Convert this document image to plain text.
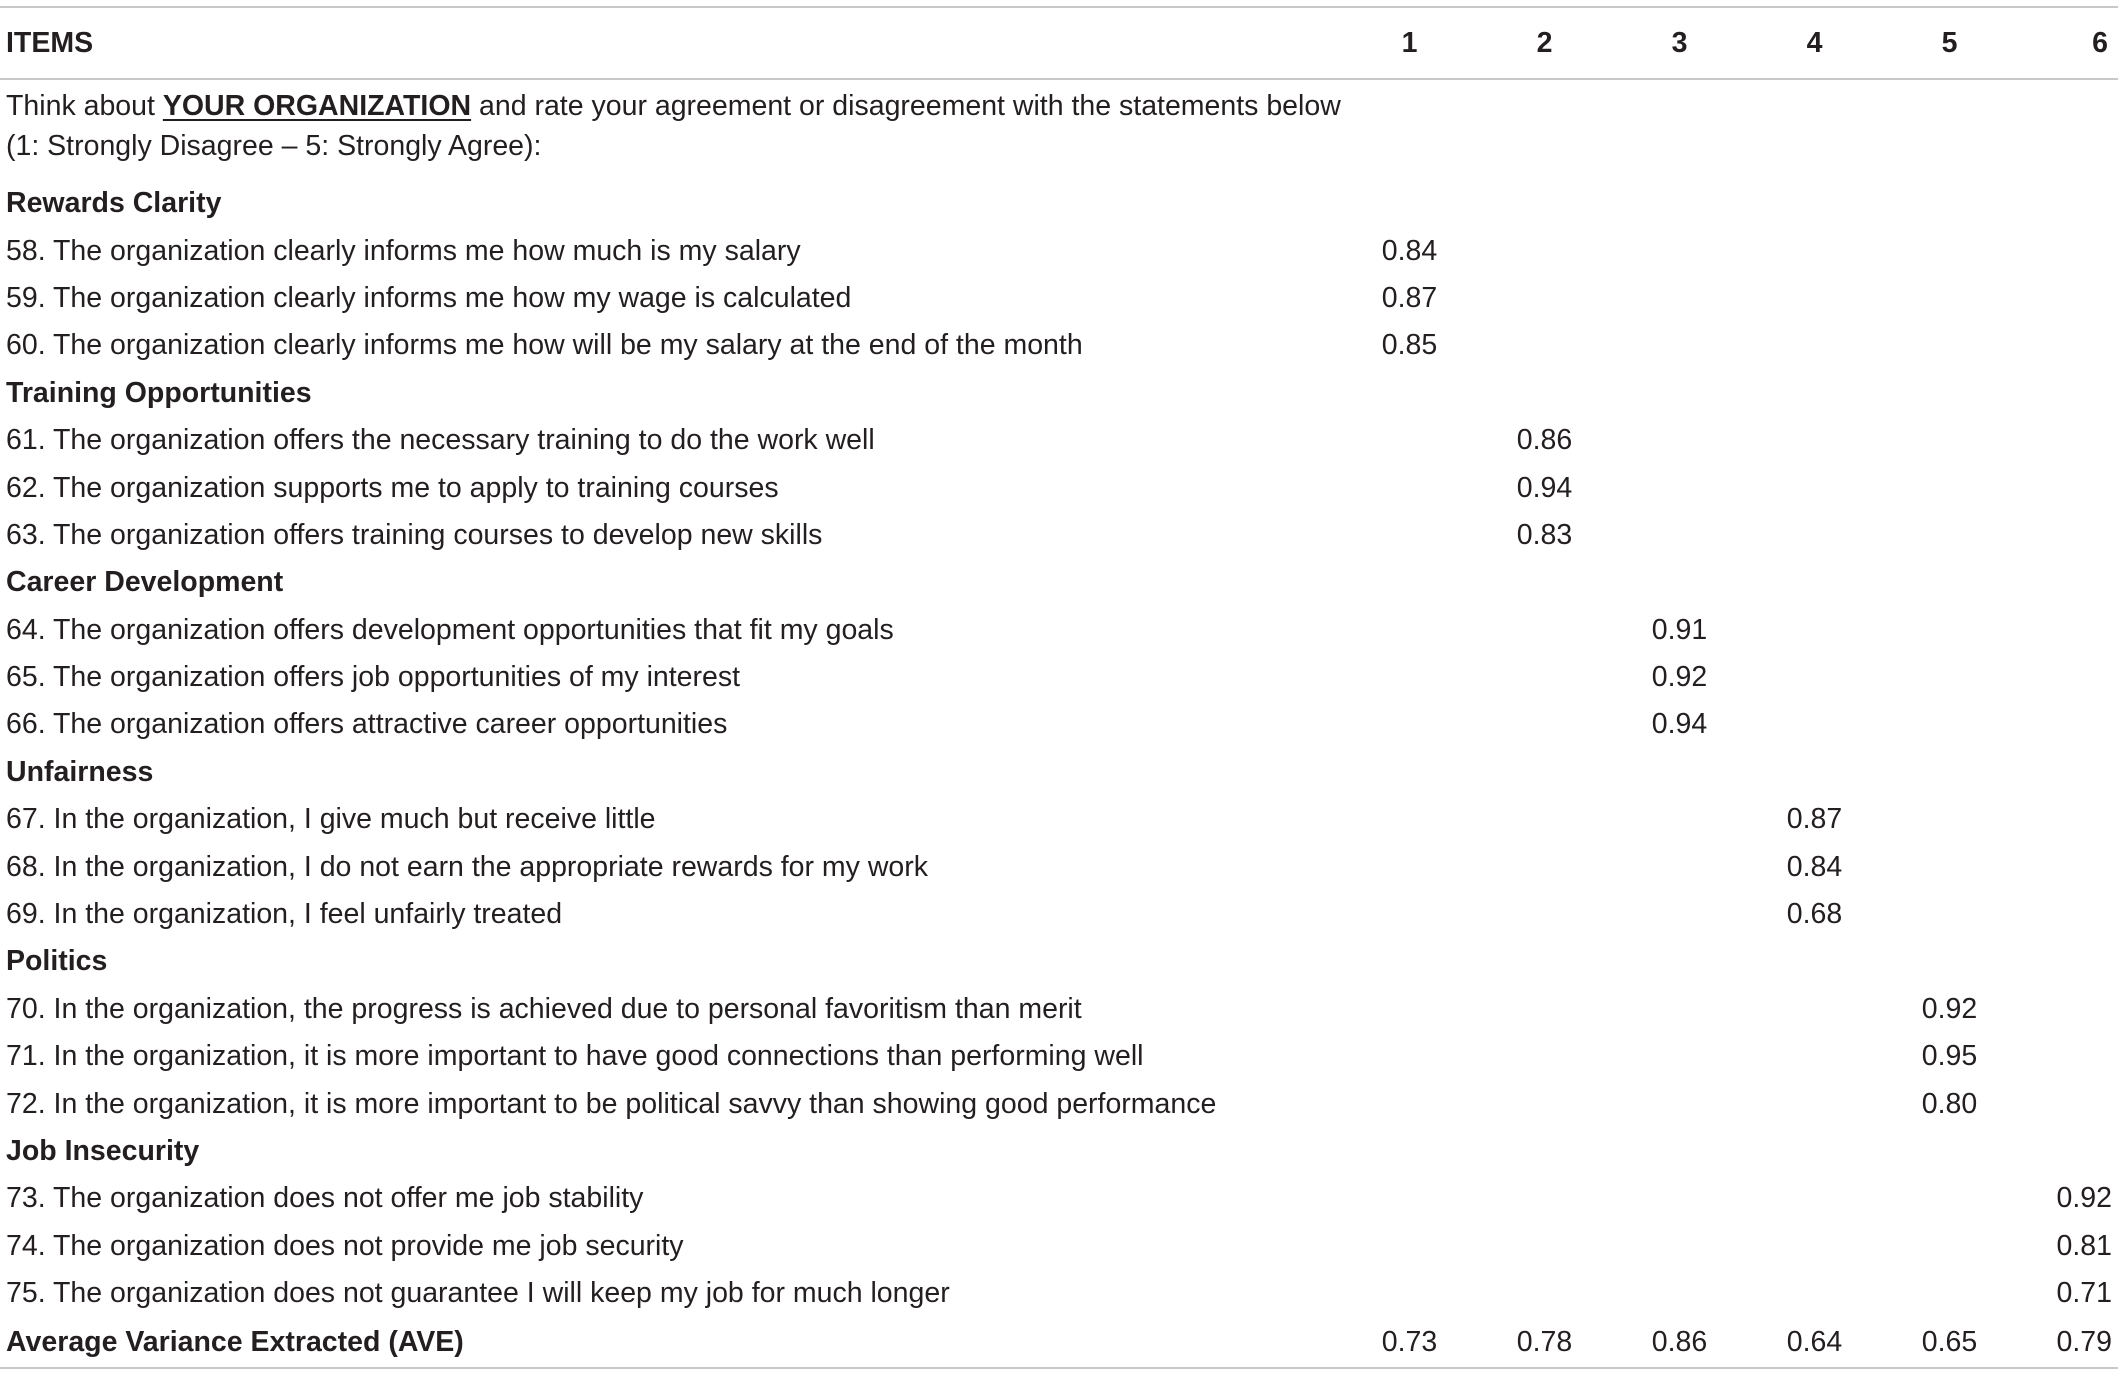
ITEMS	1	2	3	4	5	6
Think about YOUR ORGANIZATION and rate your agreement or disagreement with the statements below (1: Strongly Disagree – 5: Strongly Agree):						
Rewards Clarity						
58. The organization clearly informs me how much is my salary	0.84					
59. The organization clearly informs me how my wage is calculated	0.87					
60. The organization clearly informs me how will be my salary at the end of the month	0.85					
Training Opportunities						
61. The organization offers the necessary training to do the work well		0.86				
62. The organization supports me to apply to training courses		0.94				
63. The organization offers training courses to develop new skills		0.83				
Career Development						
64. The organization offers development opportunities that fit my goals			0.91			
65. The organization offers job opportunities of my interest			0.92			
66. The organization offers attractive career opportunities			0.94			
Unfairness						
67. In the organization, I give much but receive little				0.87		
68. In the organization, I do not earn the appropriate rewards for my work				0.84		
69. In the organization, I feel unfairly treated				0.68		
Politics						
70. In the organization, the progress is achieved due to personal favoritism than merit					0.92	
71. In the organization, it is more important to have good connections than performing well					0.95	
72. In the organization, it is more important to be political savvy than showing good performance					0.80	
Job Insecurity						
73. The organization does not offer me job stability						0.92
74. The organization does not provide me job security						0.81
75. The organization does not guarantee I will keep my job for much longer						0.71
Average Variance Extracted (AVE)	0.73	0.78	0.86	0.64	0.65	0.79
